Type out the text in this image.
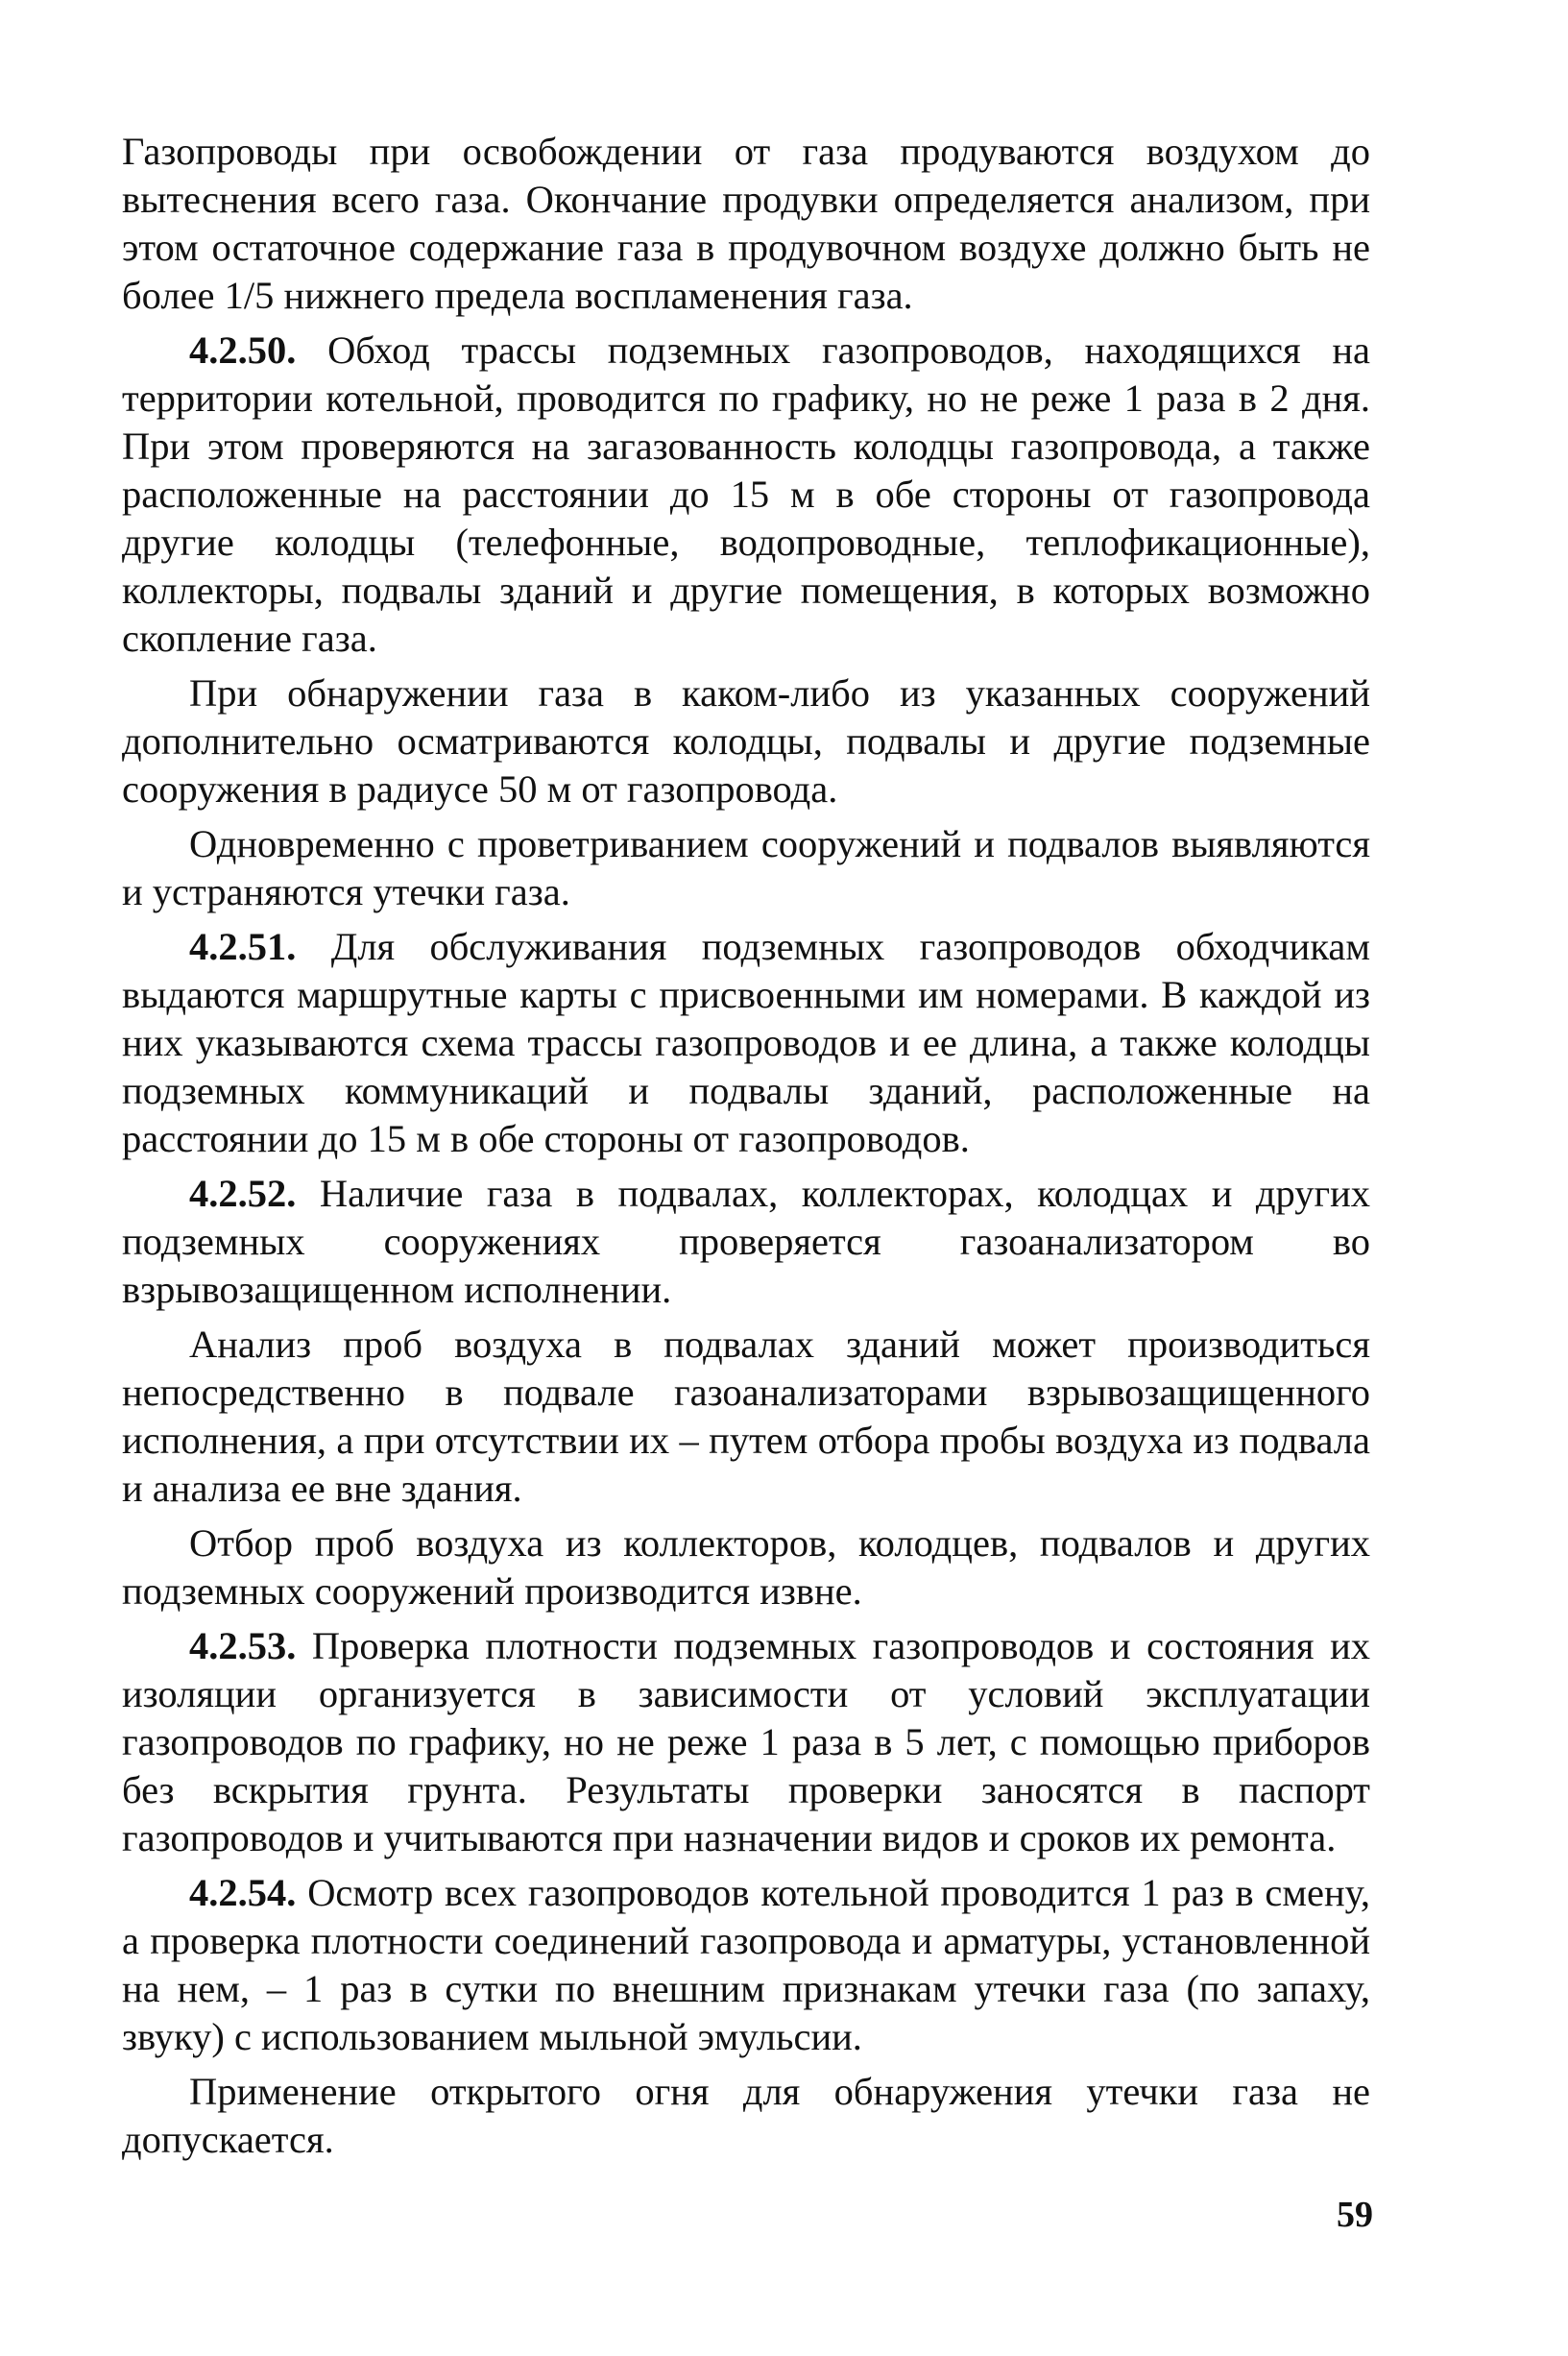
Газопроводы при освобождении от газа продуваются воздухом до вытеснения всего газа. Окончание продувки определяется анализом, при этом остаточное содержание газа в продувочном воздухе должно быть не более 1/5 нижнего предела воспламенения газа.

4.2.50. Обход трассы подземных газопроводов, находящихся на территории котельной, проводится по графику, но не реже 1 раза в 2 дня. При этом проверяются на загазованность колодцы газопровода, а также расположенные на расстоянии до 15 м в обе стороны от газопровода другие колодцы (телефонные, водопроводные, теплофикационные), коллекторы, подвалы зданий и другие помещения, в которых возможно скопление газа.

При обнаружении газа в каком-либо из указанных сооружений дополнительно осматриваются колодцы, подвалы и другие подземные сооружения в радиусе 50 м от газопровода.

Одновременно с проветриванием сооружений и подвалов выявляются и устраняются утечки газа.

4.2.51. Для обслуживания подземных газопроводов обходчикам выдаются маршрутные карты с присвоенными им номерами. В каждой из них указываются схема трассы газопроводов и ее длина, а также колодцы подземных коммуникаций и подвалы зданий, расположенные на расстоянии до 15 м в обе стороны от газопроводов.

4.2.52. Наличие газа в подвалах, коллекторах, колодцах и других подземных сооружениях проверяется газоанализатором во взрывозащищенном исполнении.

Анализ проб воздуха в подвалах зданий может производиться непосредственно в подвале газоанализаторами взрывозащищенного исполнения, а при отсутствии их – путем отбора пробы воздуха из подвала и анализа ее вне здания.

Отбор проб воздуха из коллекторов, колодцев, подвалов и других подземных сооружений производится извне.

4.2.53. Проверка плотности подземных газопроводов и состояния их изоляции организуется в зависимости от условий эксплуатации газопроводов по графику, но не реже 1 раза в 5 лет, с помощью приборов без вскрытия грунта. Результаты проверки заносятся в паспорт газопроводов и учитываются при назначении видов и сроков их ремонта.

4.2.54. Осмотр всех газопроводов котельной проводится 1 раз в смену, а проверка плотности соединений газопровода и арматуры, установленной на нем, – 1 раз в сутки по внешним признакам утечки газа (по запаху, звуку) с использованием мыльной эмульсии.

Применение открытого огня для обнаружения утечки газа не допускается.

59
